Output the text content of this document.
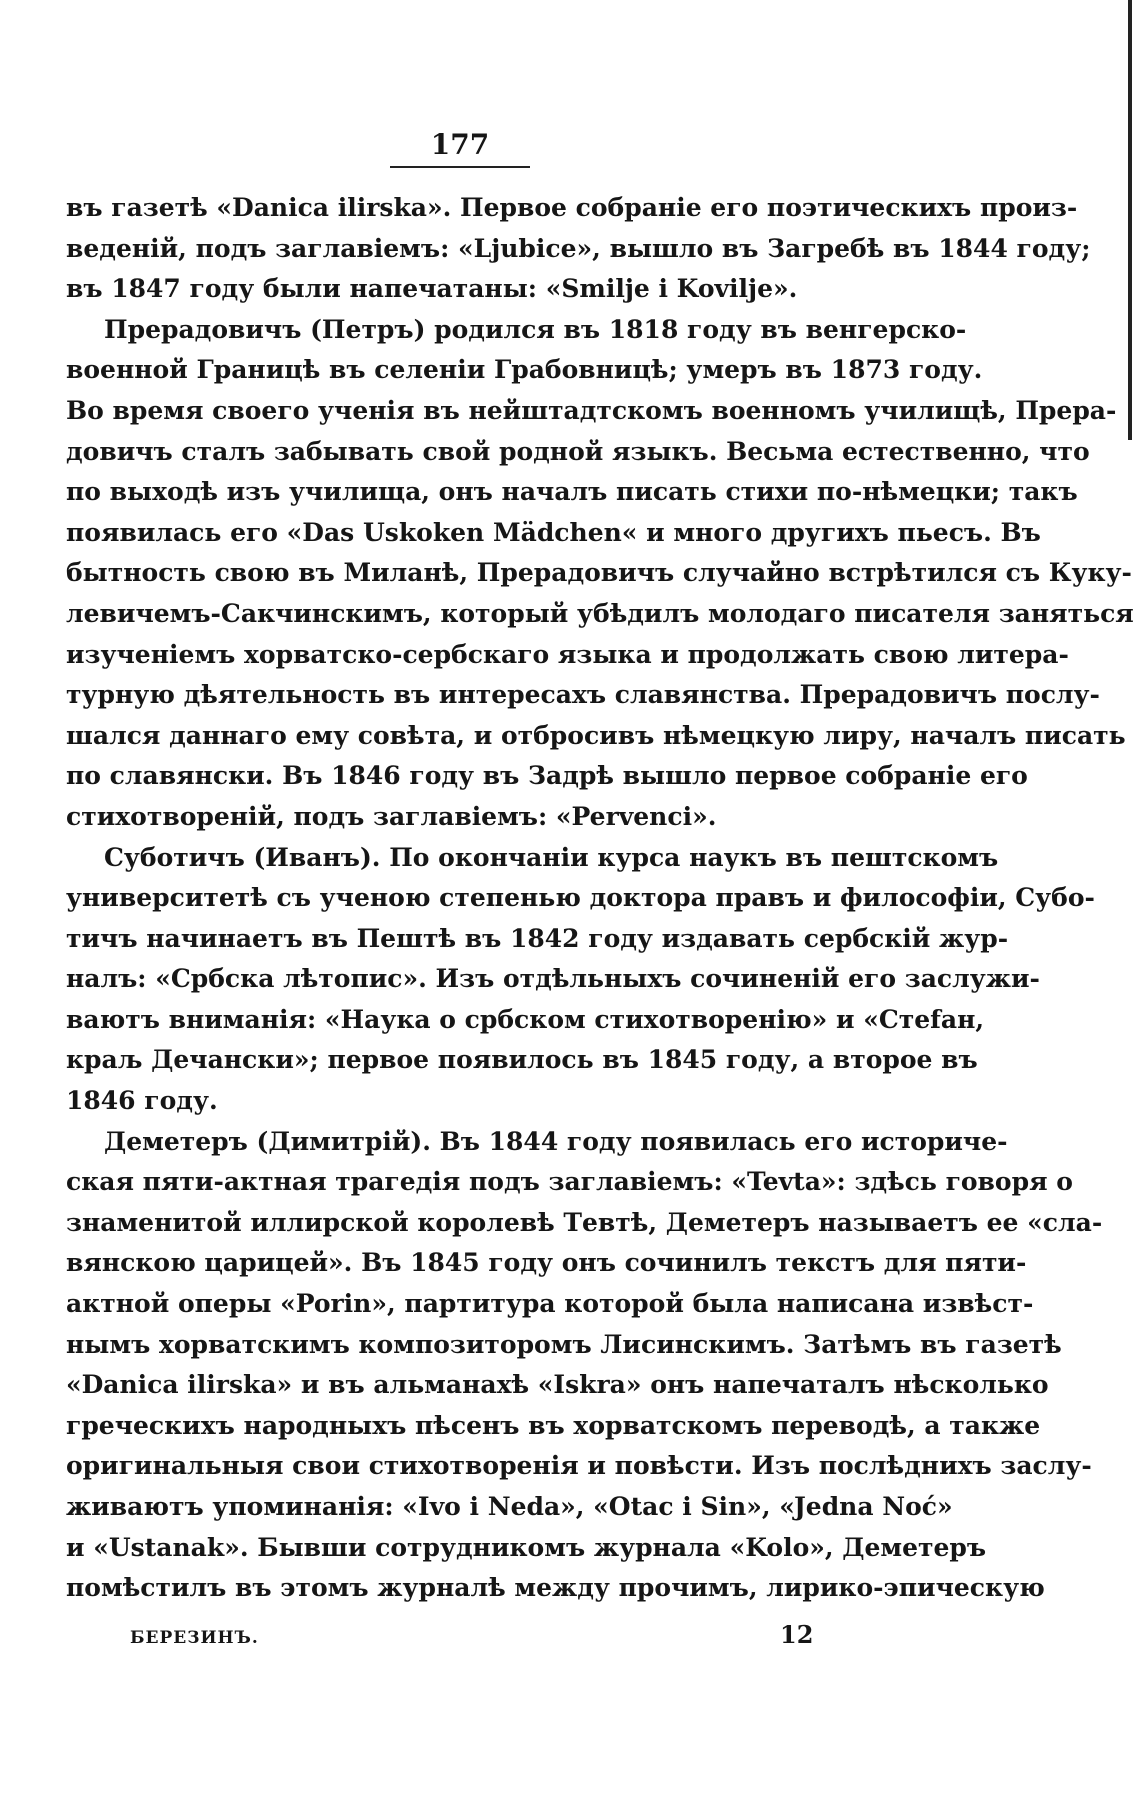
177
въ газетѣ «Danica ilirska». Первое собраніе его поэтическихъ произ-
веденій, подъ заглавіемъ: «Ljubice», вышло въ Загребѣ въ 1844 году;
въ 1847 году были напечатаны: «Smilje i Kovilje».
Прерадовичъ (Петръ) родился въ 1818 году въ венгерско-
военной Границѣ въ селеніи Грабовницѣ; умеръ въ 1873 году.
Во время своего ученія въ нейштадтскомъ военномъ училищѣ, Прера-
довичъ сталъ забывать свой родной языкъ. Весьма естественно, что
по выходѣ изъ училища, онъ началъ писать стихи по-нѣмецки; такъ
появилась его «Das Uskoken Mädchen« и много другихъ пьесъ. Въ
бытность свою въ Миланѣ, Прерадовичъ случайно встрѣтился съ Куку-
левичемъ-Сакчинскимъ, который убѣдилъ молодаго писателя заняться
изученіемъ хорватско-сербскаго языка и продолжать свою литера-
турную дѣятельность въ интересахъ славянства. Прерадовичъ послу-
шался даннаго ему совѣта, и отбросивъ нѣмецкую лиру, началъ писать
по славянски. Въ 1846 году въ Задрѣ вышло первое собраніе его
стихотвореній, подъ заглавіемъ: «Pervenci».
Суботичъ (Иванъ). По окончаніи курса наукъ въ пештскомъ
университетѣ съ ученою степенью доктора правъ и философіи, Субо-
тичъ начинаетъ въ Пештѣ въ 1842 году издавать сербскій жур-
налъ: «Србска лѣтопис». Изъ отдѣльныхъ сочиненій его заслужи-
ваютъ вниманія: «Наука о србском стихотворенiю» и «Стеfан,
краљ Дечански»; первое появилось въ 1845 году, а второе въ
1846 году.
Деметеръ (Димитрій). Въ 1844 году появилась его историче-
ская пяти-актная трагедія подъ заглавіемъ: «Tevta»: здѣсь говоря о
знаменитой иллирской королевѣ Тевтѣ, Деметеръ называетъ ее «сла-
вянскою царицей». Въ 1845 году онъ сочинилъ текстъ для пяти-
актной оперы «Porin», партитура которой была написана извѣст-
нымъ хорватскимъ композиторомъ Лисинскимъ. Затѣмъ въ газетѣ
«Danica ilirska» и въ альманахѣ «Iskra» онъ напечаталъ нѣсколько
греческихъ народныхъ пѣсенъ въ хорватскомъ переводѣ, а также
оригинальныя свои стихотворенія и повѣсти. Изъ послѣднихъ заслу-
живаютъ упоминанія: «Ivo i Neda», «Otac i Sin», «Jedna Noć»
и «Ustanak». Бывши сотрудникомъ журнала «Kolo», Деметеръ
помѣстилъ въ этомъ журналѣ между прочимъ, лирико-эпическую
БЕРЕЗИНЪ.	12
